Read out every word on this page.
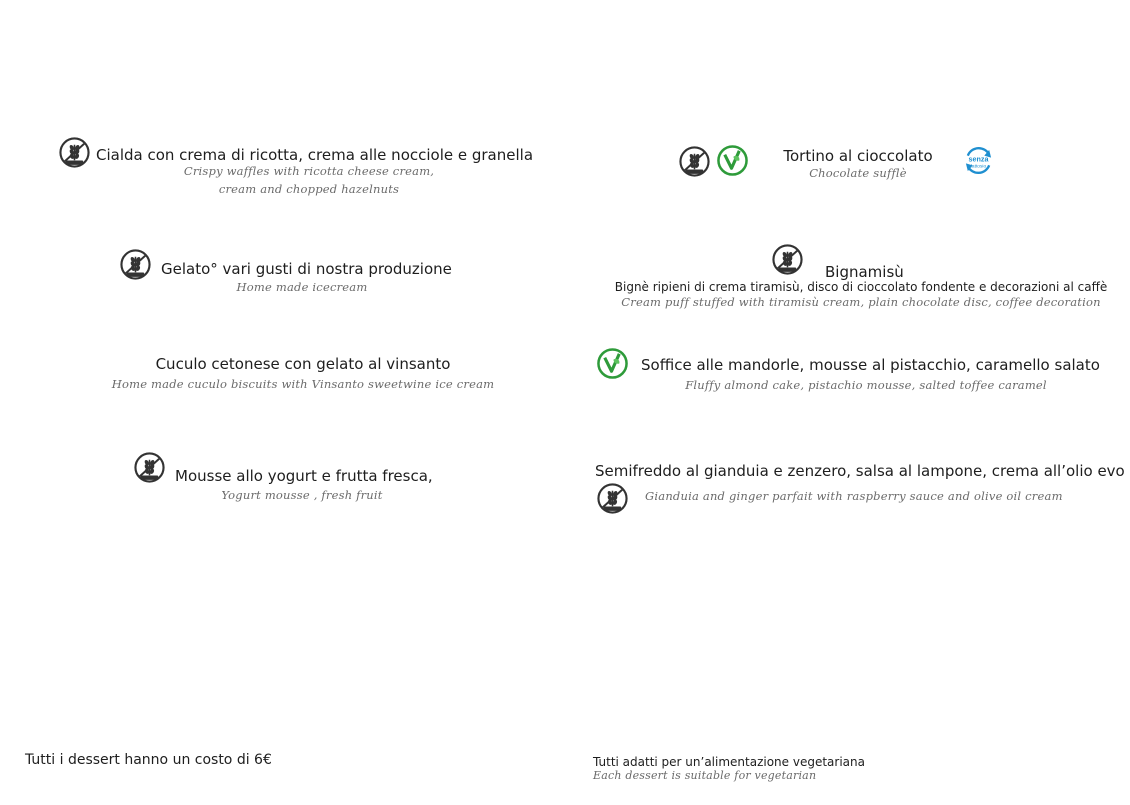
Cialda con crema di ricotta, crema alle nocciole e granella
Crispy waffles with ricotta cheese cream,
cream and chopped hazelnuts
Gelato° vari gusti di nostra produzione
Home made icecream
Cuculo cetonese con gelato al vinsanto
Home made cuculo biscuits with Vinsanto sweetwine ice cream
Mousse allo yogurt e frutta fresca,
Yogurt mousse , fresh fruit
Tortino al cioccolato
Chocolate sufflè
senza
lattosio
Bignamisù
Bignè ripieni di crema tiramisù, disco di cioccolato fondente e decorazioni al caffè
Cream puff stuffed with tiramisù cream, plain chocolate disc, coffee decoration
Soffice alle mandorle, mousse al pistacchio, caramello salato
Fluffy almond cake, pistachio mousse, salted toffee caramel
Semifreddo al gianduia e zenzero, salsa al lampone, crema all’olio evo
Gianduia and ginger parfait with raspberry sauce and olive oil cream
Tutti i dessert hanno un costo di 6€	Tutti adatti per un’alimentazione vegetariana
Each dessert is suitable for vegetarian
